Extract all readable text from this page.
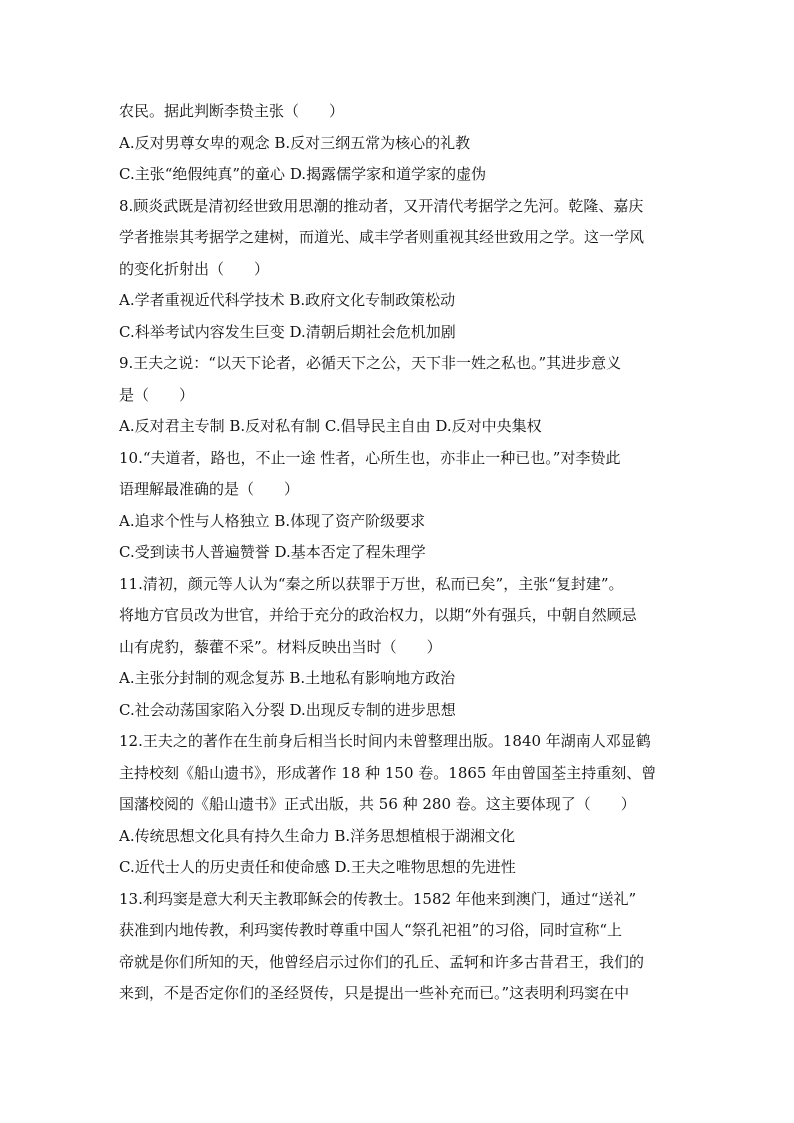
农民。据此判断李贽主张（　　）
A.反对男尊女卑的观念 B.反对三纲五常为核心的礼教
C.主张“绝假纯真”的童心 D.揭露儒学家和道学家的虚伪
8.顾炎武既是清初经世致用思潮的推动者，又开清代考据学之先河。乾隆、嘉庆
学者推崇其考据学之建树，而道光、咸丰学者则重视其经世致用之学。这一学风
的变化折射出（　　）
A.学者重视近代科学技术 B.政府文化专制政策松动
C.科举考试内容发生巨变 D.清朝后期社会危机加剧
9.王夫之说：“以天下论者，必循天下之公，天下非一姓之私也。”其进步意义
是（　　）
A.反对君主专制 B.反对私有制 C.倡导民主自由 D.反对中央集权
10.“夫道者，路也，不止一途 性者，心所生也，亦非止一种已也。”对李贽此
语理解最准确的是（　　）
A.追求个性与人格独立 B.体现了资产阶级要求
C.受到读书人普遍赞誉 D.基本否定了程朱理学
11.清初，颜元等人认为“秦之所以获罪于万世，私而已矣”，主张“复封建”。
将地方官员改为世官，并给于充分的政治权力，以期“外有强兵，中朝自然顾忌
山有虎豹，藜藿不采”。材料反映出当时（　　）
A.主张分封制的观念复苏 B.土地私有影响地方政治
C.社会动荡国家陷入分裂 D.出现反专制的进步思想
12.王夫之的著作在生前身后相当长时间内未曾整理出版。1840 年湖南人邓显鹤
主持校刻《船山遗书》，形成著作 18 种 150 卷。1865 年由曾国荃主持重刻、曾
国藩校阅的《船山遗书》正式出版，共 56 种 280 卷。这主要体现了（　　）
A.传统思想文化具有持久生命力 B.洋务思想植根于湖湘文化
C.近代士人的历史责任和使命感 D.王夫之唯物思想的先进性
13.利玛窦是意大利天主教耶稣会的传教士。1582 年他来到澳门，通过“送礼”
获准到内地传教，利玛窦传教时尊重中国人“祭孔祀祖”的习俗，同时宣称“上
帝就是你们所知的天，他曾经启示过你们的孔丘、孟轲和许多古昔君王，我们的
来到，不是否定你们的圣经贤传，只是提出一些补充而已。”这表明利玛窦在中
